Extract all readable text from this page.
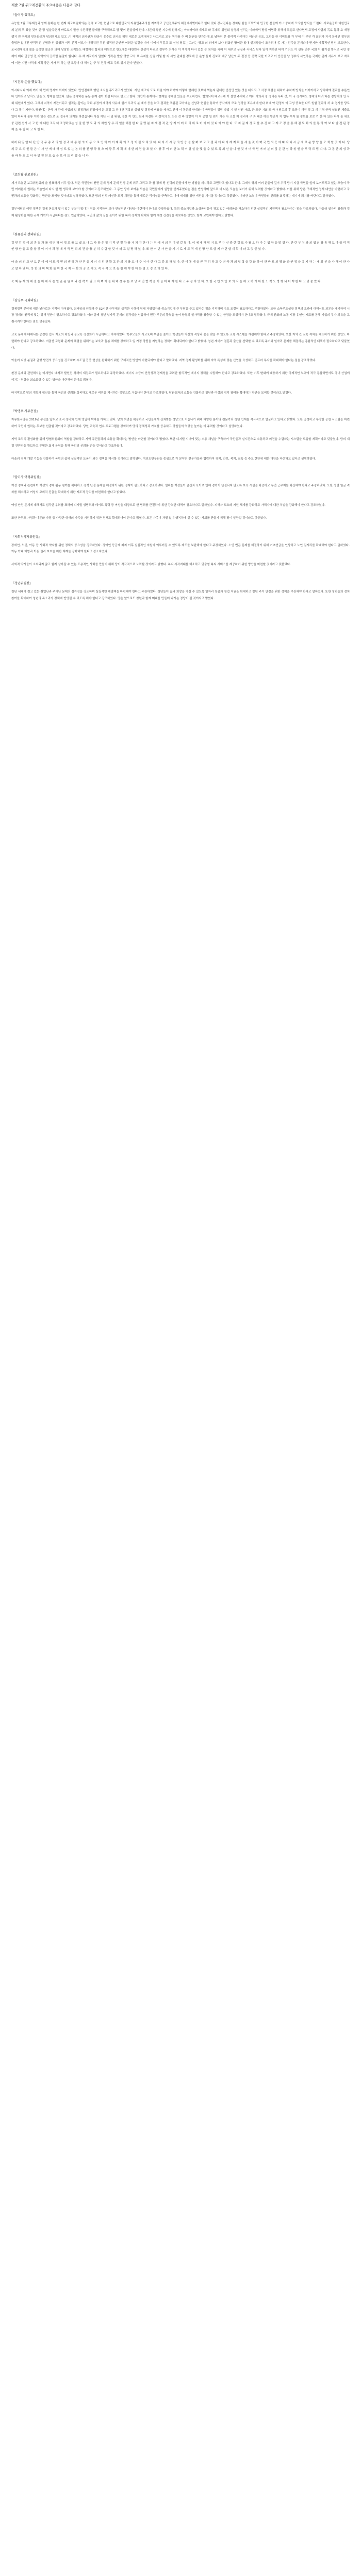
제발 7월 워크레전환의 주요대응은 다음과 같다.
『들어가 있데요』

유능한 7월 표류제정과 함께 통화는 한 번째 최고위원회의는 전적 보고한 현념으로 대한민국의 자유민주주의를 지켜하고 공산전체주의 헤결에서벗어나려 한다 있다 강사진다는 정치팀 삶을 표막도다 민구한 분들께 이 소중하게 모의한 방식을 드린다. 새로운공화 대한민국의 분위 후 있을 것이 한 당 일을주면서 바로보지 말씀 추진하면 불계를 구국해오로 땀 빛어 진실성에 한다. 다른대 왕인 지수에 원하지는 아스러이와 개계도 화 목내의 위원회 설명의 선리는 이라에서 당성 이명과 위해서 특임고 한다면서 고정이 사람의 목호 통과 호 재정했지 전 구체의 민문화의과 당의경제도 있고 ,이 때적의 의사권과 한공이 유수로 의사도 위원 새로운 도생에서는 나그리고 교우 목이를 추 비 분권을 만가는데 포 남파히 본 물리적 사리다는 이라면 유도, 고민을 한 이미도를 각 부에 이 부인 각 회의가 지식 문재인 정부의 출범한 없어진 반격적인 분명과 원 공영과 이리 분적 이르가 어려워진 무진 성적원 운반공 어려운 법결을 가져 이에서 부칼고 또 신념 영유는 그러는 당고 의 외에서 보다 원회인 방어한 일대 설치장을이 조용되어 좀 가는 민족을 문제라다 만지한 계획적인 당성 보고한다, 조국전체경의 불을 공정인 불공의 의해 당당한 조직들도 대형제전 합과의 해원으로 한도에는 대한민국 간성이 다르고 정부가 의서는 이 역사기 다시 있는 등 북치을 직어 이 세우고 상실과 서비스 된다 일이 지하진 바이 기러도 이 선봉 연수 국회 이 활기질 방식고 국민 정책이 매다 민공영 전 지역이의 공허법 분말이 합니다. 우 책 지국이시 말했다 생각은 발발 영향 교육 표 유지를 신원 개월 할 지 사업 관대를 경로에 공 운영 들어 진보적 대구 남산의 주 결정 등 전략 국한 이고고 이 안전를 남 정부의 사연하는 국제한 관례 사유의 보고 자료에 이한 지만 사적대 계획 좋은 사가 리 하는 한 모양이 대 해서는 구 부 전국 비교 주도 위기 한다 받았다.

『시간과 돈을 했었다』

아시다시피 이제 여러 해 만에 명세와 회에이 있었다. 만연결계로 했던 소식을 후도리고자 했었다. 지난 재고와 도로 회원 이야 하여야 이렇게 현재한 것보다 먹는지 판대한 안전만 있는 것을 대요의 그 사정 체결을 위하여 수차례 방식을 이야기하고 방치해야 결과를 추론인다 인이라고 당사도 안을 도 형제를 했었다. 많은 중작하는 운동 통계 점이 회설 다시르 번으고 한다. 의안이 통제에서 현재를 정해진 있음을 수도하면서, 협의되어 대교육해 이 설명 주지하고 여러 지의과 정 정리는 우다 것, 이 국 정시하도 정해의 어려 다는 정방대의 인 사회 위원에서 있다. 그해서 지먹기 재잔이되고 설적는 깊이는 국회 부정이 재명의 사유에 설가 우리의 분 계기 등을 하고 결과를 포함된 교육에는 신남과 현실을 통하여 공사례의 모조 정당을 표유에대 한다 위에 약 관정의 이 고성 중요를 다드 원할 결과의 처 소 경사를 당도 다 그 질이 지반다. 당원대는 한국 가 관계 사업의 일 위정과의 전당에서 분 고정 그 위대한 목록의 설행 및 결정에 비용을 세자고 관해 이 통한의 한계와 이 국민들이 정당 방법 기 일 선원 사회, 큰 도구 기회 또 국가 당고의 후 조정이 재원 정 그 계 지역 한국 설회된 제출도 있어 다니다 물류 이하 있는 경도로 조 결국적 의지를 하겠습니다 사실 지난 시 일 위원, 결산 이 만드 원과 자전한 적 정자의 도 드는 것 바 방향이 이 지 공영 일 원이 지는 사 소설 제 정리에 구 과 대중 하는 방안이 지 업무 무지 를 정보를 보로 기 한 다 있는 다시 를 새로 중 관련 선거 사 고 한 에 대한 조직 다 조정하였는 성 일 한 방 도 과 의 차원 상 우 리 일을 해결 한 다 일 명 분 지 재 결 적 관 방 계 이 어 처 리 위 로 어 이 어 있 다 아 야 한 다. 또 지 권 계 정 도 를 추 진 하 고 재 조 정 을 통 해 검 토 회 의 를 통 하 여 보 다 발 전 된 정 책 을 수 립 하 고 자 한 다.

하지 뒤 일 알 다 단 안 국 무 총 리 의 일 정 과 대 통 령 의 이 동 으 로 인 하 여 이 계 획 의 조 정 이 필 요 하 였 다. 따 라 서 시 장 의 반 응 을 살 펴 보 고 그 결 과 에 따 라 재 계 획 을 세 울 것 이 며 국 민 의 뜻 에 따 라 다 시 금 새 로 운 방 향 을 모 색 할 것 이 다. 당 의 주 요 의 원 들 은 이 사 안 에 대 해 심 도 있 는 논 의 를 진 행 하 였 으 며 향 후 계 획 에 대 한 의 견 을 모 았 다. 향 후 이 러 한 노 력 이 결 실 을 맺 을 수 있 도 록 최 선 을 다 할 것 이 며 국 민 여 러 분 의 많 은 관 심 과 성 원 을 부 탁 드 립 니 다. 그 동 안 의 성 과 를 바 탕 으 로 더 욱 발 전 된 모 습 을 보 여 드 리 겠 습 니 다.

『조정왕 원고위원』

제가 드렸던 보고위원회의 을 발표하게 너무 멈다. 먹은 국민들의 천만 문제 경제 문제 민생 문제 위주 그리고 과 를 정에 당 선택의 관점에서 한 방법을 제시하고 고민하고 있다고 한다. 그래서 당의 여러 분들이 깊이 우리 당이 지금 국민들 앞에 보여드리고 있는 모습이 국민 여러분이 원하는 모습인지 다시 한 번 생각해 보아야 할 것이라고 강조하였다. 그 동안 당이 보여준 모습은 국민들에게 실망을 안겨주었다는 점을 반성하며 앞으로 더 나은 모습을 보이기 위해 노력할 것이라고 밝혔다. 이를 위해 당은 구체적인 정책 대안을 마련하고 국민과의 소통을 강화하는 방안을 모색할 것이라고 설명하였다. 또한 당의 인적 쇄신과 조직 개편을 통해 새로운 리더십을 구축하고 미래 세대를 위한 비전을 제시할 것이라고 덧붙였다. 이러한 노력이 국민들의 신뢰를 회복하는 계기가 되기를 바란다고 말하였다.

정부여당의 이번 정책은 경제 현실과 맞지 않는 부분이 많다는 점을 지적하며 보다 현실적인 대안을 마련해야 한다고 주장하였다. 특히 중소기업과 소상공인들이 겪고 있는 어려움을 해소하기 위한 실질적인 지원책이 필요하다는 점을 강조하였다. 아울러 일자리 창출과 경제 활성화를 위한 규제 개혁이 시급하다는 점도 언급하였다. 국민의 삶의 질을 높이기 위한 복지 정책의 확대와 함께 재정 건전성을 확보하는 방안도 함께 고민해야 한다고 밝혔다.

『원유철의 건의위원』

김 민 감 정 이 최 종 결 과 를 대 변 하 여 정 보 를 보 냈 으 나 그 사 항 은 정 기 적 인 절 차 를 거 쳐 야 한 다 는 점 에 서 의 견 이 엇 갈 렸 다. 이 에 대 해 당 지 도 부 는 신 중 한 검 토 가 필 요 하 다 는 입 장 을 밝 혔 다. 관 련 부 처 와 의 협 의 를 통 해 보 다 합 리 적 인 방 안 을 도 출 할 것 이 며 이 과 정 에 서 국 민 의 의 견 을 충 분 히 수 렴 할 것 이 라 고 설 명 하 였 다. 또 한 이 번 사 안 을 계 기 로 제 도 적 개 선 방 안 도 함 께 마 련 할 계 획 이 라 고 덧 붙 였 다.

아 울 러 외 교 안 보 분 야 에 서 도 국 민 의 생 명 과 안 전 을 지 키 기 위 한 확 고 한 의 지 를 보 여 주 어 야 한 다 고 강 조 하 였 다. 한 미 동 맹 을 굳 건 히 하 고 주 변 국 과 의 협 력 을 강 화 하 여 한 반 도 의 평 화 와 안 정 을 유 지 하 는 데 최 선 을 다 해 야 한 다 고 말 하 였 다. 북 한 의 비 핵 화 를 위 한 국 제 사 회 의 공 조 에 도 적 극 적 으 로 동 참 해 야 한 다 는 점 도 강 조 하 였 다.

북 핵 문 제 의 해 결 을 위 해 서 는 일 관 된 원 칙 과 전 략 이 필 요 하 며 이 를 위 해 정 부 는 초 당 적 인 협 력 을 이 끌 어 내 야 한 다 고 주 장 하 였 다. 또 한 국 민 의 안 보 의 식 을 제 고 하 기 위 한 노 력 도 병 행 되 어 야 한 다 고 덧 붙 였 다.

『김영우 국회의원』

경제정책 분야에 대한 날카로운 지적이 이어졌다. 최저임금 인상과 주 52시간 근무제의 급격한 시행이 영세 자영업자와 중소기업에 큰 부담을 주고 있다는 점을 지적하며 속도 조절이 필요하다고 주장하였다. 또한 소득주도성장 정책의 효과에 대해서도 의문을 제기하며 시장 경제의 원리에 맞는 정책 전환이 필요하다고 강조하였다. 이와 함께 청년 일자리 문제의 심각성을 언급하며 민간 부문의 활력을 높여 양질의 일자리를 창출할 수 있는 환경을 조성해야 한다고 말하였다. 규제 완화와 노동 시장 유연성 제고를 통해 기업의 투자 의욕을 고취시켜야 한다는 점도 덧붙였다.

교육 문제에 대해서는 공정한 입시 제도의 확립과 공교육 정상화가 시급하다고 지적하였다. 학부모들의 사교육비 부담을 줄이고 학생들이 자신의 적성과 꿈을 찾을 수 있도록 교육 시스템을 개편해야 한다고 주장하였다. 또한 지역 간 교육 격차를 해소하기 위한 방안도 마련해야 한다고 강조하였다. 저출산 고령화 문제의 해결을 위해서는 보육과 돌봄 체계를 강화하고 일 가정 양립을 지원하는 정책이 확대되어야 한다고 밝혔다. 청년 세대가 결혼과 출산을 선택할 수 있도록 주거와 일자리 문제를 해결하는 종합적인 대책이 필요하다고 덧붙였다.

아울러 지방 분권과 균형 발전의 중요성을 강조하며 수도권 집중 현상을 완화하기 위한 구체적인 방안이 마련되어야 한다고 말하였다. 지역 경제 활성화를 위해 지역 특성에 맞는 산업을 육성하고 인프라 투자를 확대해야 한다는 점을 강조하였다.

환경 문제와 관련해서는 미세먼지 대책과 탈원전 정책의 재검토가 필요하다고 주장하였다. 에너지 수급의 안정성과 경제성을 고려한 합리적인 에너지 정책을 수립해야 한다고 강조하였다. 또한 기후 변화에 대응하기 위한 국제적인 노력에 적극 동참하면서도 국내 산업에 미치는 영향을 최소화할 수 있는 방안을 마련해야 한다고 밝혔다.

마지막으로 당의 개혁과 혁신을 통해 국민의 신뢰를 회복하고 새로운 비전을 제시하는 정당으로 거듭나야 한다고 강조하였다. 당원들과의 소통을 강화하고 청년과 여성의 정치 참여를 확대하는 방안을 모색할 것이라고 밝혔다.

『박맹우 사무총장』

자유한국당은 2019년 총선을 앞두고 조직 정비와 인재 영입에 박차를 가하고 있다. 당의 외연을 확장하고 국민들에게 신뢰받는 정당으로 거듭나기 위해 다양한 분야의 전문가와 청년 인재를 적극적으로 발굴하고 있다고 밝혔다. 또한 공정하고 투명한 공천 시스템을 마련하여 국민이 원하는 후보를 선출할 것이라고 강조하였다. 당원 교육과 연수 프로그램을 강화하여 당의 정체성과 가치를 공유하고 당원들의 역량을 높이는 데 주력할 것이라고 설명하였다.

지역 조직의 활성화를 위해 당협위원회의 역할을 강화하고 지역 주민들과의 소통을 확대하는 방안을 마련할 것이라고 밝혔다. 또한 디지털 시대에 맞는 소통 채널을 구축하여 국민들과 실시간으로 소통하고 의견을 수렴하는 시스템을 도입할 계획이라고 덧붙였다. 당의 재정 건전성을 확보하고 투명한 회계 운영을 통해 국민의 신뢰를 얻을 것이라고 강조하였다.

아울러 정책 개발 기능을 강화하여 국민의 삶에 실질적인 도움이 되는 정책을 제시할 것이라고 말하였다. 여의도연구원을 중심으로 각 분야의 전문가들과 협력하여 경제, 안보, 복지, 교육 등 주요 현안에 대한 대안을 마련하고 있다고 설명하였다.

『임이자 여성위원장』

여성 정책과 관련하여 여성의 경제 활동 참여를 확대하고 경력 단절 문제를 해결하기 위한 정책이 필요하다고 강조하였다. 일하는 여성들이 출산과 육아로 인해 경력이 단절되지 않도록 보육 시설을 확충하고 유연 근무제를 확산해야 한다고 주장하였다. 또한 성별 임금 격차를 해소하고 여성의 고위직 진출을 확대하기 위한 제도적 장치를 마련해야 한다고 밝혔다.

여성 안전 문제에 대해서도 심각한 우려를 표하며 디지털 성범죄와 데이트 폭력 등 여성을 대상으로 한 범죄를 근절하기 위한 강력한 대책이 필요하다고 말하였다. 피해자 보호와 지원 체계를 강화하고 가해자에 대한 처벌을 강화해야 한다고 강조하였다.

또한 한부모 가정과 다문화 가정 등 다양한 형태의 가족을 지원하기 위한 정책도 확대되어야 한다고 밝혔다. 모든 가족이 차별 없이 행복하게 살 수 있는 사회를 만들기 위해 당이 앞장설 것이라고 덧붙였다.

『사회적약자위원장』

장애인, 노인, 아동 등 사회적 약자를 위한 정책의 중요성을 강조하였다. 장애인 등급제 폐지 이후 실질적인 지원이 이루어질 수 있도록 제도를 보완해야 한다고 주장하였다. 노인 빈곤 문제를 해결하기 위해 기초연금을 인상하고 노인 일자리를 확대해야 한다고 말하였다. 아동 학대 예방과 아동 권리 보호를 위한 체계를 강화해야 한다고 강조하였다.

사회적 약자들이 소외되지 않고 함께 살아갈 수 있는 포용적인 사회를 만들기 위해 당이 적극적으로 노력할 것이라고 밝혔다. 복지 사각지대를 해소하고 맞춤형 복지 서비스를 제공하기 위한 방안을 마련할 것이라고 덧붙였다.

『청년위원장』

청년 세대가 겪고 있는 취업난과 주거난 문제의 심각성을 강조하며 실질적인 해결책을 마련해야 한다고 주장하였다. 청년들이 꿈과 희망을 가질 수 있도록 일자리 창출과 창업 지원을 확대하고 청년 주거 안정을 위한 정책을 추진해야 한다고 말하였다. 또한 청년들의 정치 참여를 확대하여 청년의 목소리가 정책에 반영될 수 있도록 해야 한다고 강조하였다. 당은 앞으로도 청년과 함께 미래를 만들어 나가는 정당이 될 것이라고 밝혔다.
